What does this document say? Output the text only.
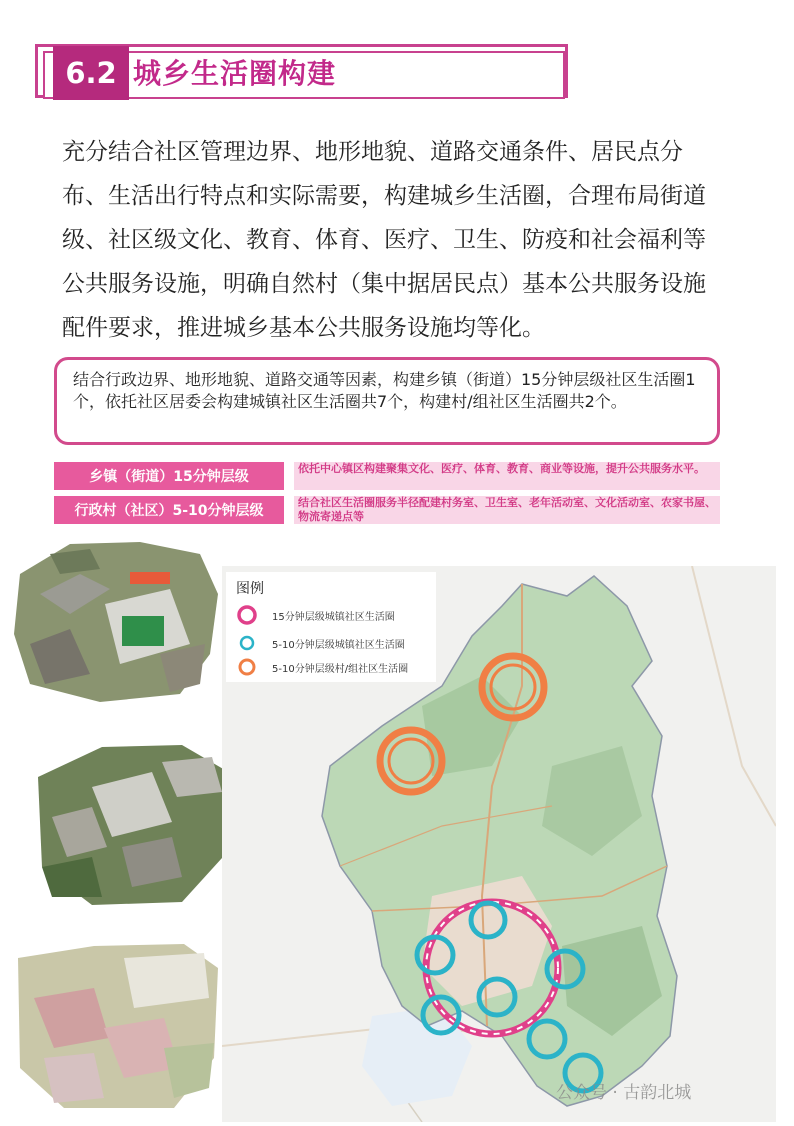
6.2 城乡生活圈构建
充分结合社区管理边界、地形地貌、道路交通条件、居民点分布、生活出行特点和实际需要，构建城乡生活圈，合理布局街道级、社区级文化、教育、体育、医疗、卫生、防疫和社会福利等公共服务设施，明确自然村（集中据居民点）基本公共服务设施配件要求，推进城乡基本公共服务设施均等化。
结合行政边界、地形地貌、道路交通等因素，构建乡镇（街道）15分钟层级社区生活圈1个，依托社区居委会构建城镇社区生活圈共7个，构建村/组社区生活圈共2个。
乡镇（街道）15分钟层级
依托中心镇区构建聚集文化、医疗、体育、教育、商业等设施，提升公共服务水平。
行政村（社区）5-10分钟层级
结合社区生活圈服务半径配建村务室、卫生室、老年活动室、文化活动室、农家书屋、物流寄递点等
图例
15分钟层级城镇社区生活圈
5-10分钟层级城镇社区生活圈
5-10分钟层级村/组社区生活圈
公众号 · 古韵北城
